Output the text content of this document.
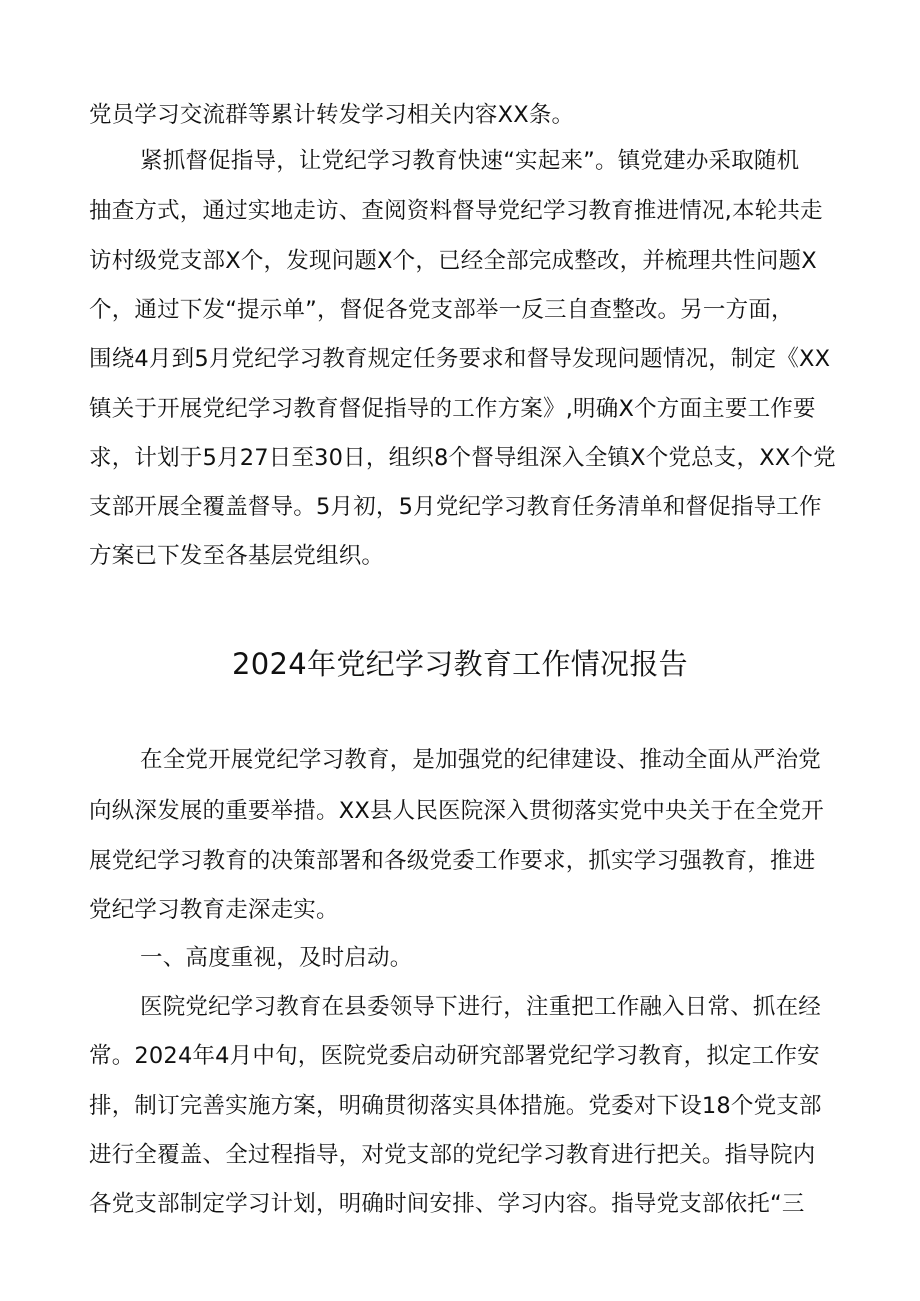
党员学习交流群等累计转发学习相关内容XX条。
紧抓督促指导，让党纪学习教育快速“实起来”。镇党建办采取随机
抽查方式，通过实地走访、查阅资料督导党纪学习教育推进情况,本轮共走
访村级党支部X个，发现问题X个，已经全部完成整改，并梳理共性问题X
个，通过下发“提示单”，督促各党支部举一反三自查整改。另一方面，
围绕4月到5月党纪学习教育规定任务要求和督导发现问题情况，制定《XX
镇关于开展党纪学习教育督促指导的工作方案》,明确X个方面主要工作要
求，计划于5月27日至30日，组织8个督导组深入全镇X个党总支，XX个党
支部开展全覆盖督导。5月初，5月党纪学习教育任务清单和督促指导工作
方案已下发至各基层党组织。
2024年党纪学习教育工作情况报告
在全党开展党纪学习教育，是加强党的纪律建设、推动全面从严治党
向纵深发展的重要举措。XX县人民医院深入贯彻落实党中央关于在全党开
展党纪学习教育的决策部署和各级党委工作要求，抓实学习强教育，推进
党纪学习教育走深走实。
一、高度重视，及时启动。
医院党纪学习教育在县委领导下进行，注重把工作融入日常、抓在经
常。2024年4月中旬，医院党委启动研究部署党纪学习教育，拟定工作安
排，制订完善实施方案，明确贯彻落实具体措施。党委对下设18个党支部
进行全覆盖、全过程指导，对党支部的党纪学习教育进行把关。指导院内
各党支部制定学习计划，明确时间安排、学习内容。指导党支部依托“三
